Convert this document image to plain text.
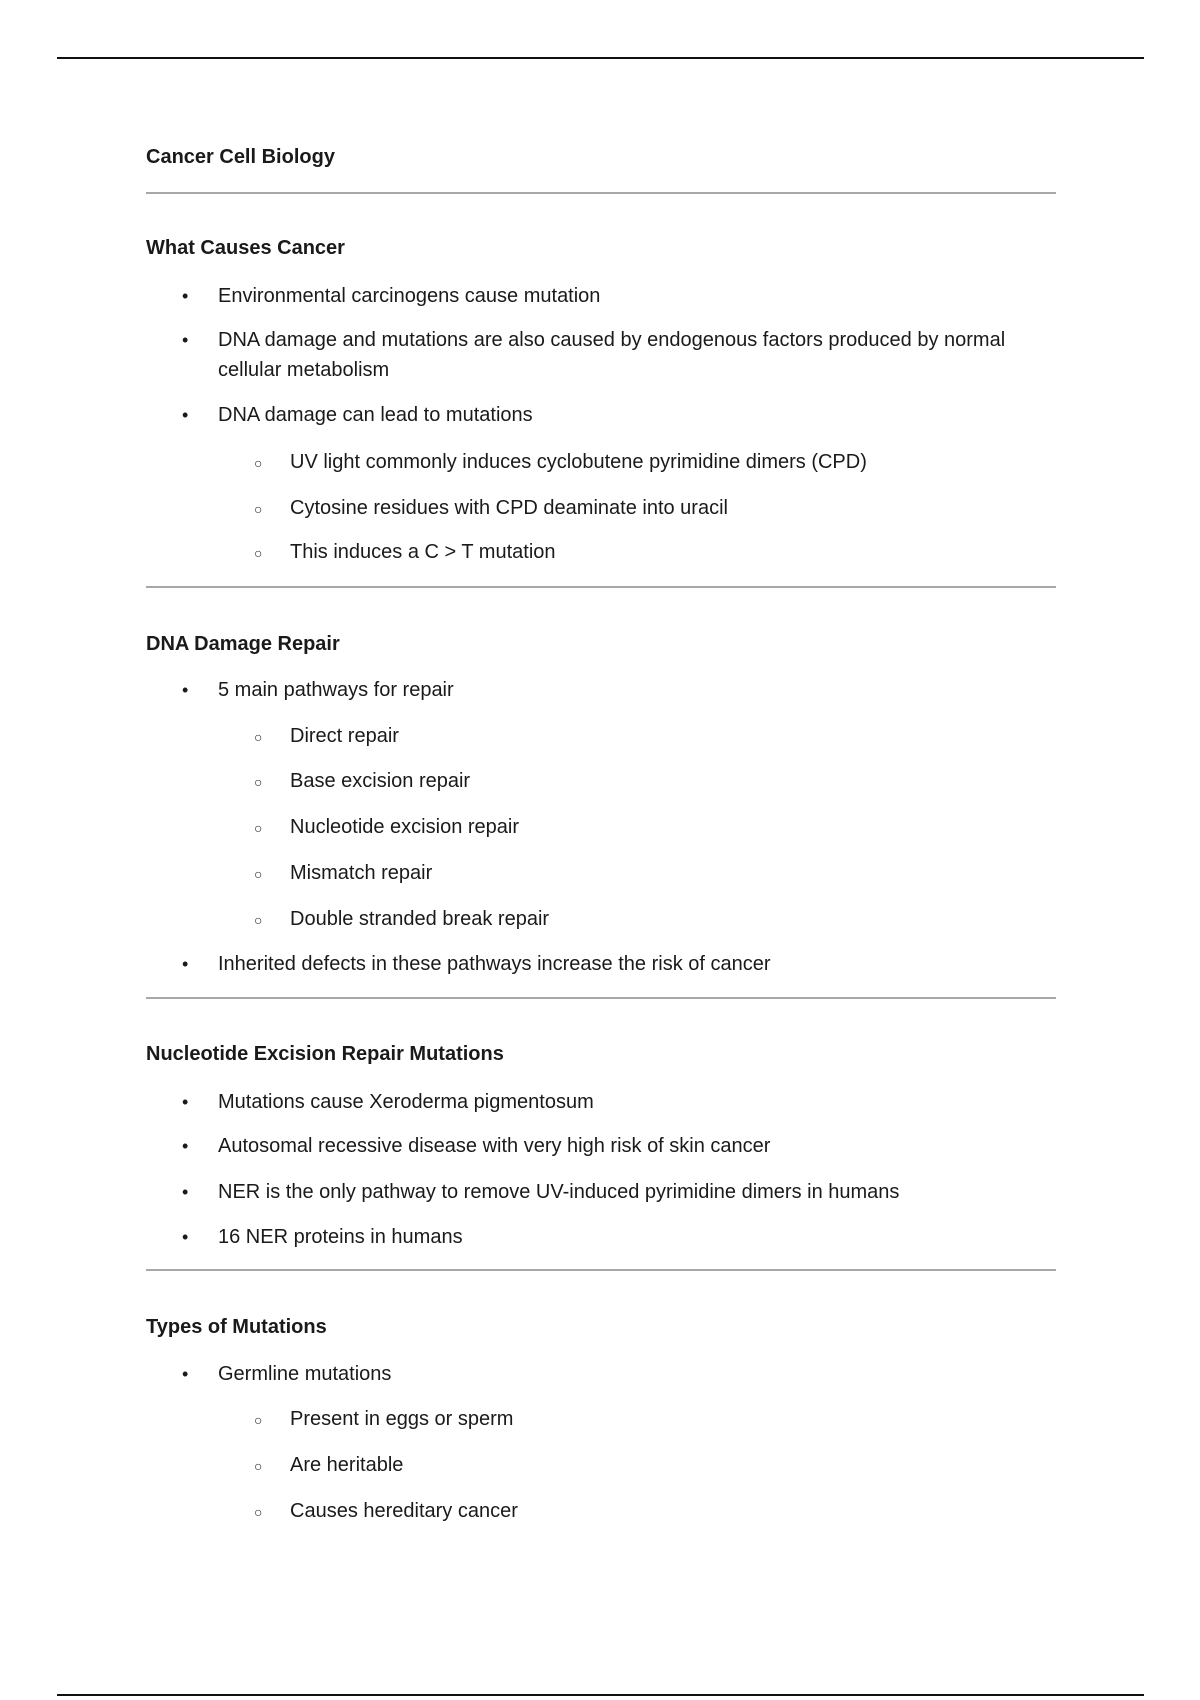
Cancer Cell Biology
What Causes Cancer
• Environmental carcinogens cause mutation
• DNA damage and mutations are also caused by endogenous factors produced by normal cellular metabolism
• DNA damage can lead to mutations
○ UV light commonly induces cyclobutene pyrimidine dimers (CPD)
○ Cytosine residues with CPD deaminate into uracil
○ This induces a C > T mutation
DNA Damage Repair
• 5 main pathways for repair
○ Direct repair
○ Base excision repair
○ Nucleotide excision repair
○ Mismatch repair
○ Double stranded break repair
• Inherited defects in these pathways increase the risk of cancer
Nucleotide Excision Repair Mutations
• Mutations cause Xeroderma pigmentosum
• Autosomal recessive disease with very high risk of skin cancer
• NER is the only pathway to remove UV-induced pyrimidine dimers in humans
• 16 NER proteins in humans
Types of Mutations
• Germline mutations
○ Present in eggs or sperm
○ Are heritable
○ Causes hereditary cancer
